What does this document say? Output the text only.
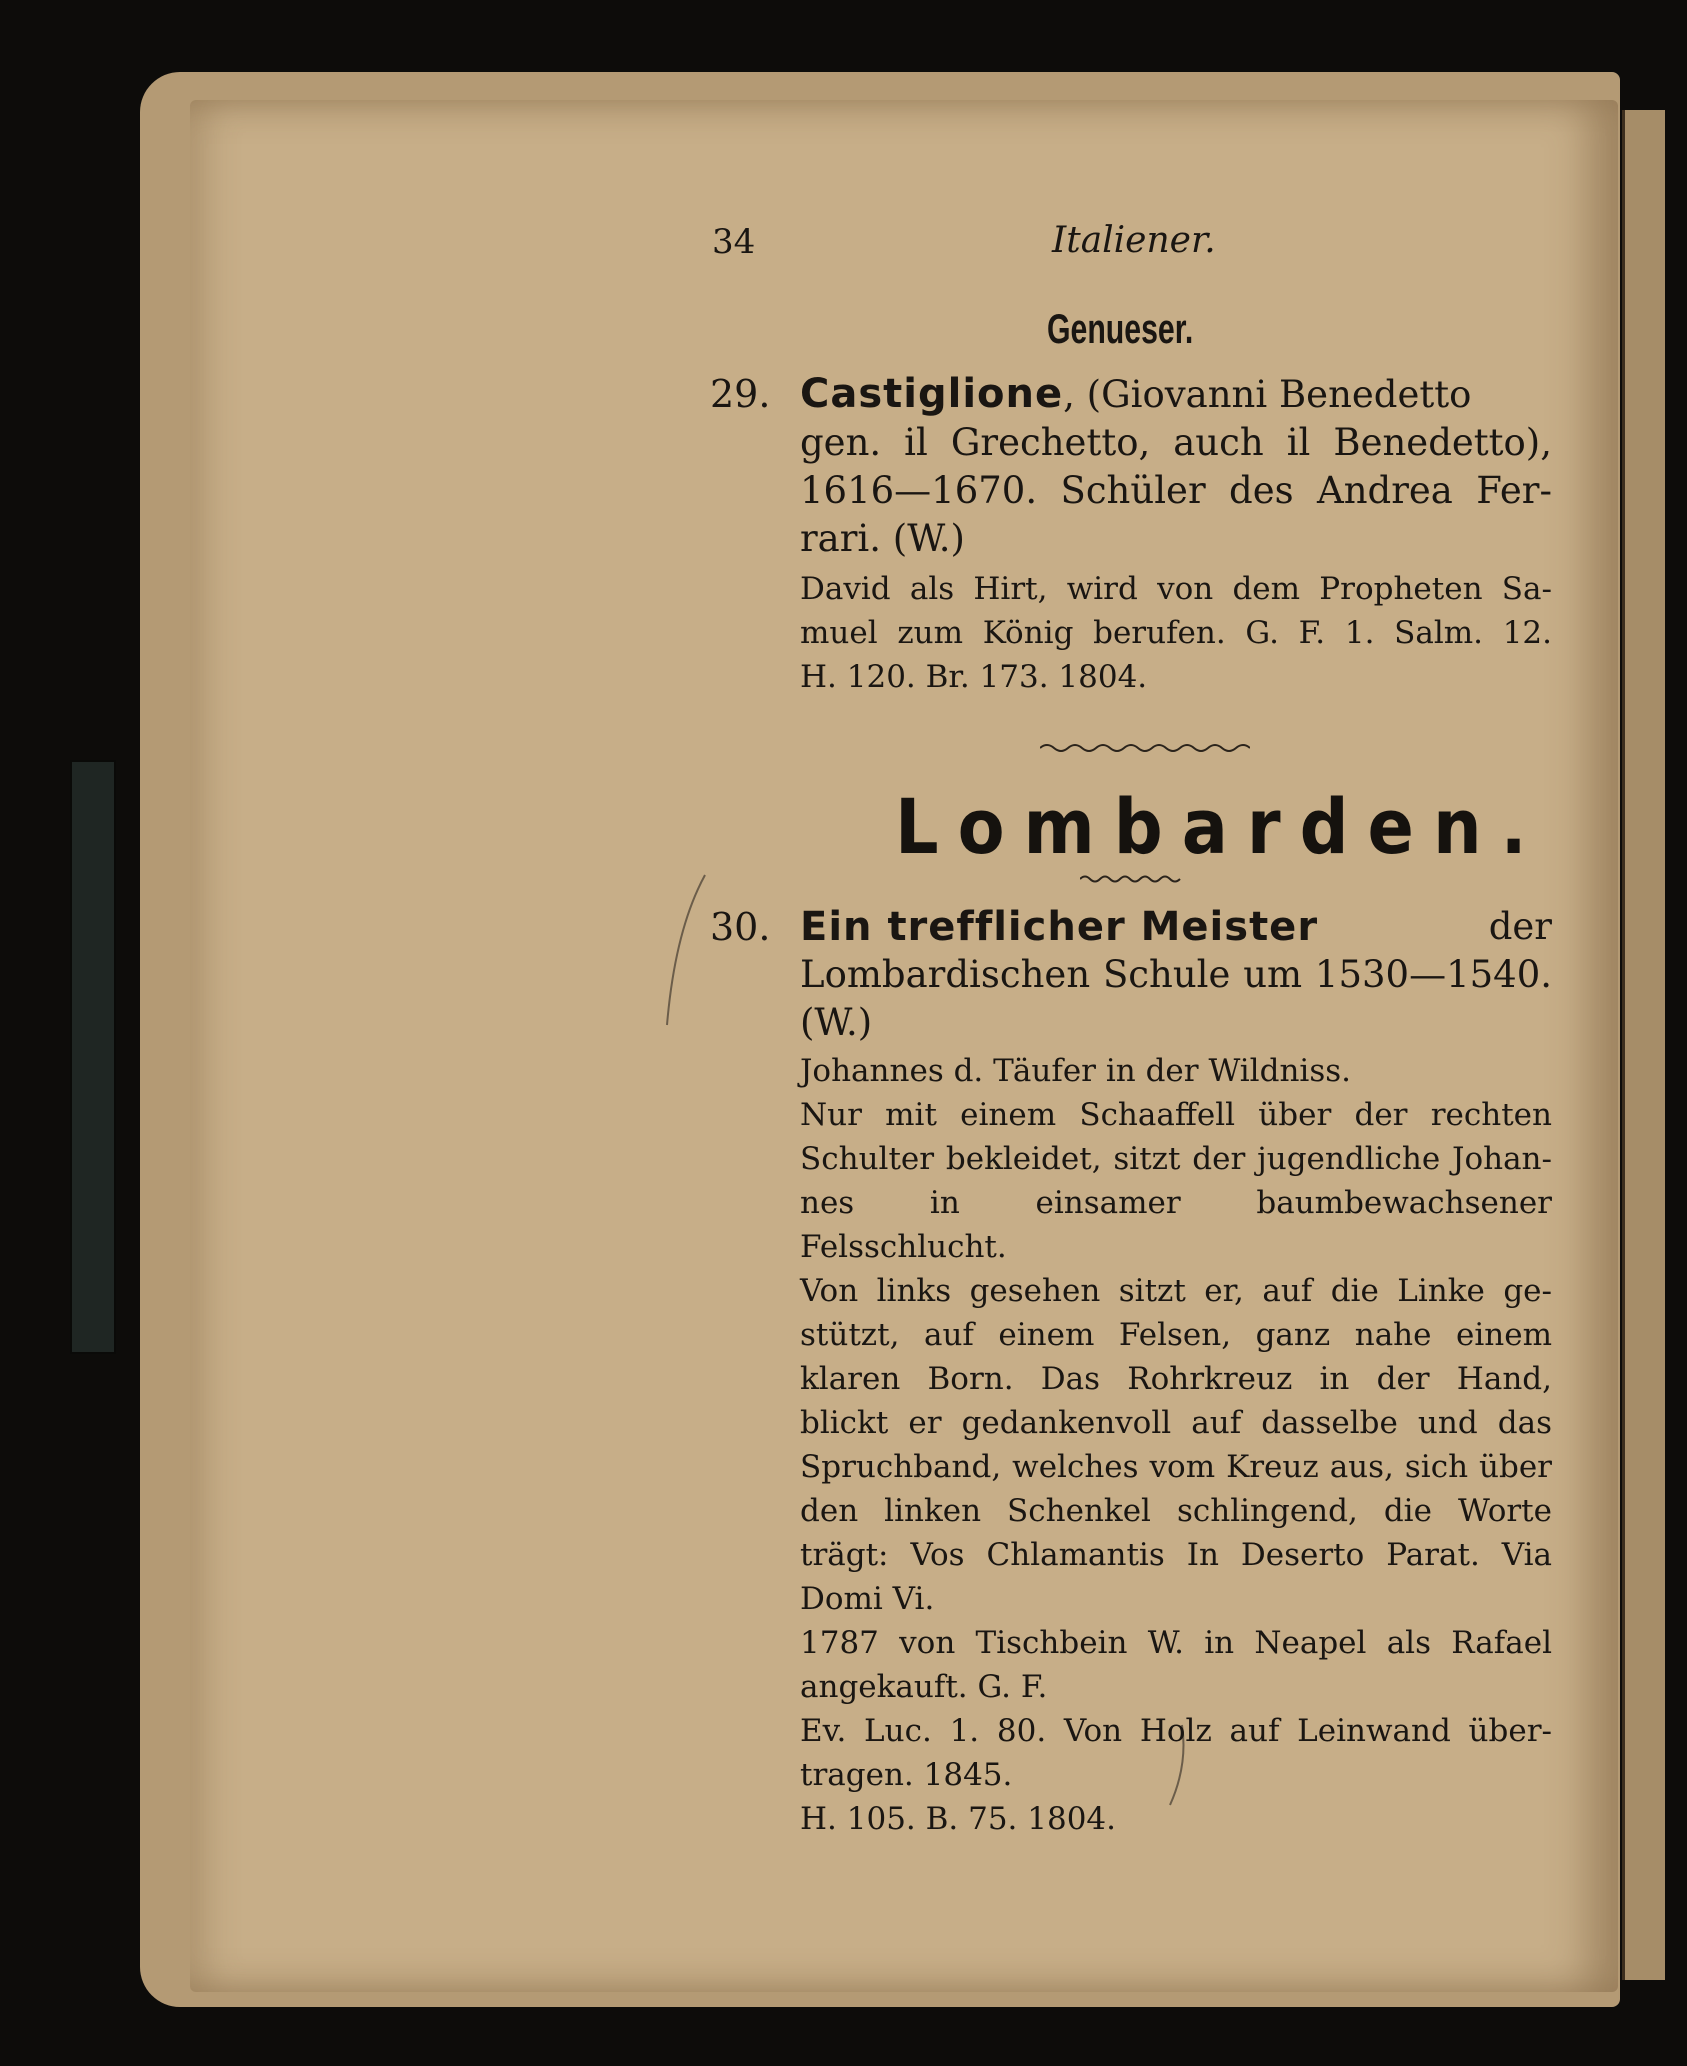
34	Italiener.
Genueser.
29. Castiglione, (Giovanni Benedetto
gen. il Grechetto, auch il Benedetto),
1616—1670. Schüler des Andrea Fer-
rari. (W.)
David als Hirt, wird von dem Propheten Sa-
muel zum König berufen. G. F. 1. Salm. 12.
H. 120. Br. 173. 1804.
Lombarden.
30. Ein trefflicher Meister	der
Lombardischen Schule um 1530—1540.
(W.)
Johannes d. Täufer in der Wildniss.
Nur mit einem Schaaffell über der rechten
Schulter bekleidet, sitzt der jugendliche Johan-
nes in einsamer baumbewachsener Felsschlucht.
Von links gesehen sitzt er, auf die Linke ge-
stützt, auf einem Felsen, ganz nahe einem
klaren Born. Das Rohrkreuz in der Hand,
blickt er gedankenvoll auf dasselbe und das
Spruchband, welches vom Kreuz aus, sich über
den linken Schenkel schlingend, die Worte
trägt: Vos Chlamantis In Deserto Parat. Via
Domi Vi.
1787 von Tischbein W. in Neapel als Rafael
angekauft. G. F.
Ev. Luc. 1. 80. Von Holz auf Leinwand über-
tragen. 1845.
H. 105. B. 75. 1804.
